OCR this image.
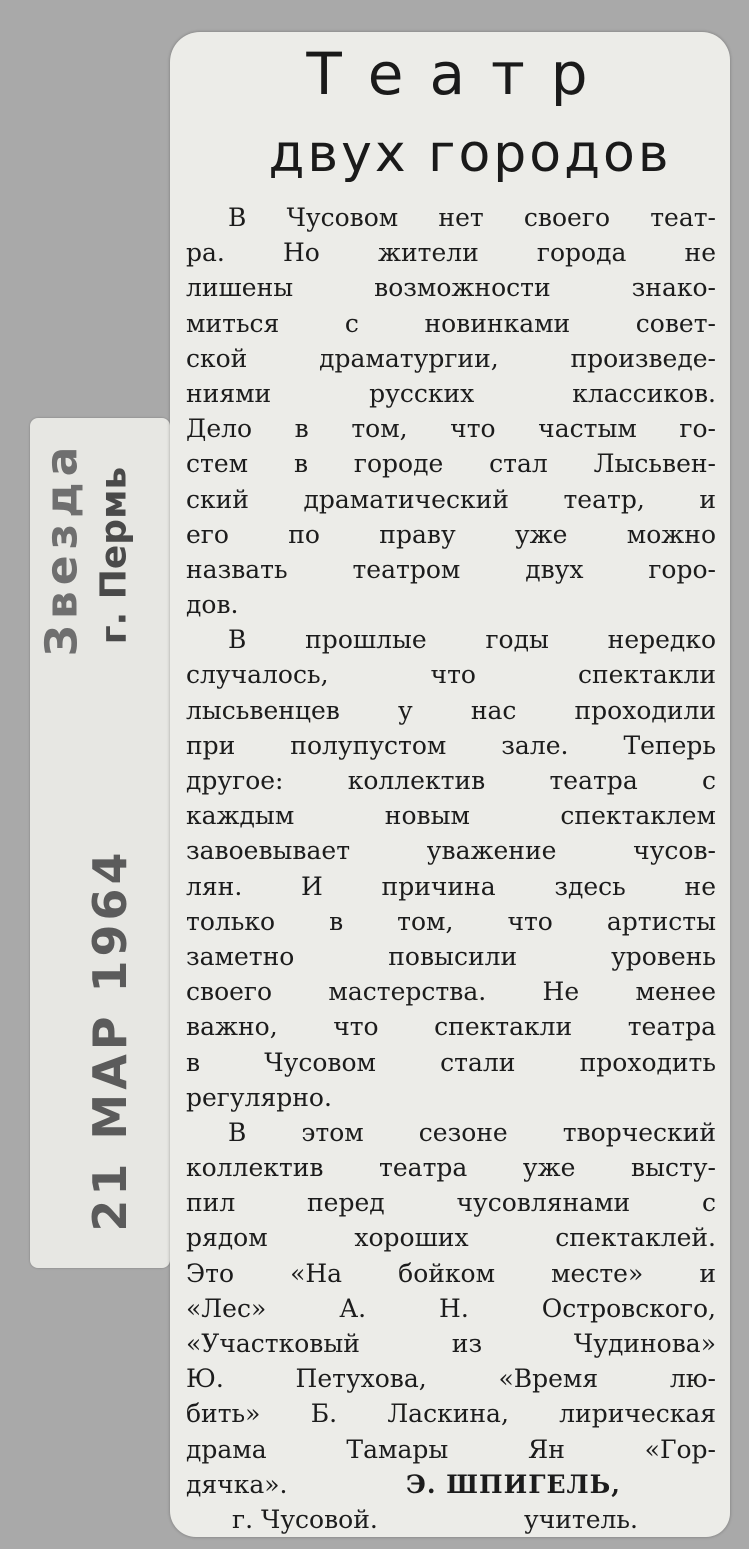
Звезда г. Пермь
21 МАР 1964
Театр
двух городов
В Чусовом нет своего теат-
ра. Но жители города не
лишены возможности знако-
миться с новинками совет-
ской драматургии, произведе-
ниями русских классиков.
Дело в том, что частым го-
стем в городе стал Лысьвен-
ский драматический театр, и
его по праву уже можно
назвать театром двух горо-
дов.
В прошлые годы нередко
случалось, что спектакли
лысьвенцев у нас проходили
при полупустом зале. Теперь
другое: коллектив театра с
каждым новым спектаклем
завоевывает уважение чусов-
лян. И причина здесь не
только в том, что артисты
заметно повысили уровень
своего мастерства. Не менее
важно, что спектакли театра
в Чусовом стали проходить
регулярно.
В этом сезоне творческий
коллектив театра уже высту-
пил перед чусовлянами с
рядом хороших спектаклей.
Это «На бойком месте» и
«Лес» А. Н. Островского,
«Участковый из Чудинова»
Ю. Петухова, «Время лю-
бить» Б. Ласкина, лирическая
драма Тамары Ян «Гор-
дячка».	Э. ШПИГЕЛЬ,
г. Чусовой.	учитель.
